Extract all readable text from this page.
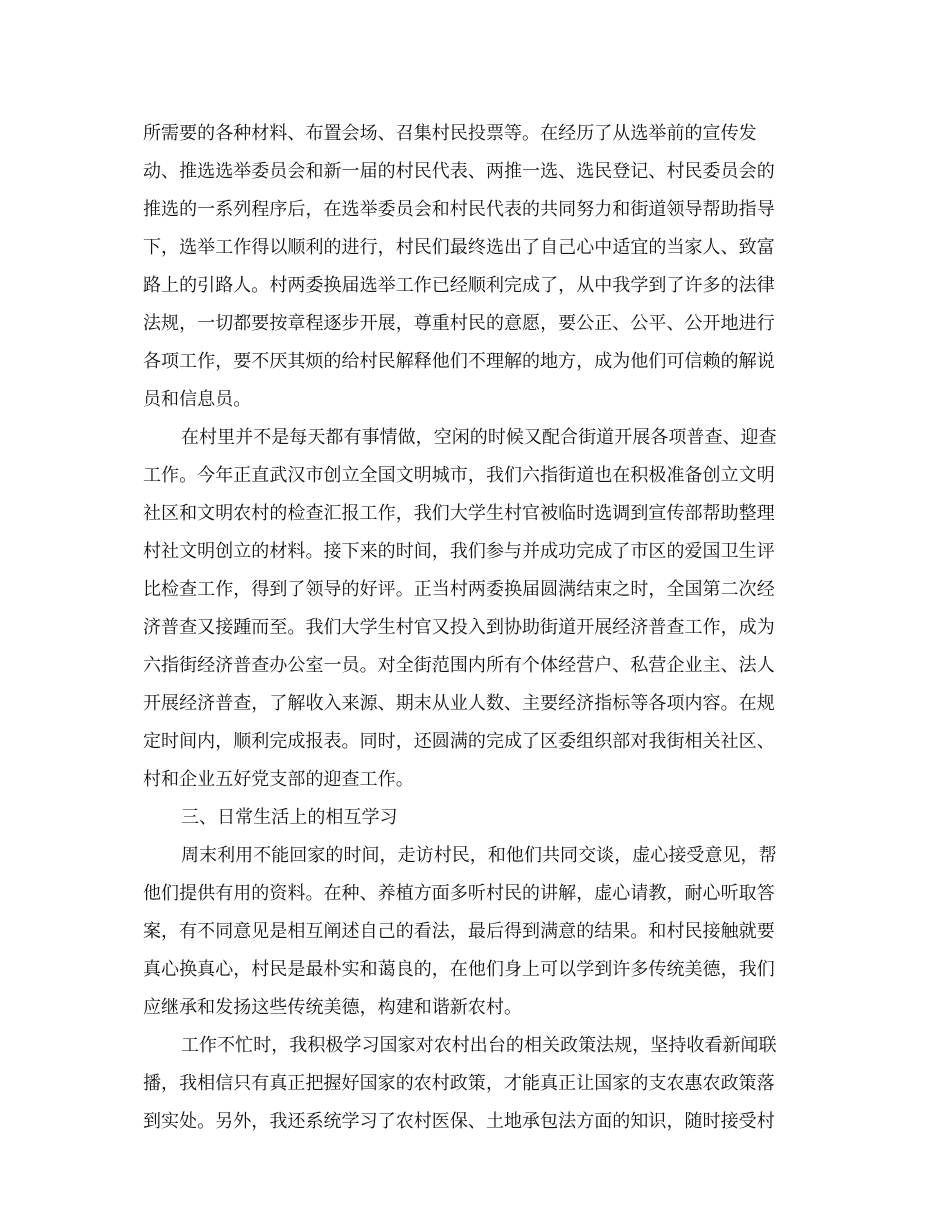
所需要的各种材料、布置会场、召集村民投票等。在经历了从选举前的宣传发
动、推选选举委员会和新一届的村民代表、两推一选、选民登记、村民委员会的
推选的一系列程序后，在选举委员会和村民代表的共同努力和街道领导帮助指导
下，选举工作得以顺利的进行，村民们最终选出了自己心中适宜的当家人、致富
路上的引路人。村两委换届选举工作已经顺利完成了，从中我学到了许多的法律
法规，一切都要按章程逐步开展，尊重村民的意愿，要公正、公平、公开地进行
各项工作，要不厌其烦的给村民解释他们不理解的地方，成为他们可信赖的解说
员和信息员。
在村里并不是每天都有事情做，空闲的时候又配合街道开展各项普查、迎查
工作。今年正直武汉市创立全国文明城市，我们六指街道也在积极准备创立文明
社区和文明农村的检查汇报工作，我们大学生村官被临时选调到宣传部帮助整理
村社文明创立的材料。接下来的时间，我们参与并成功完成了市区的爱国卫生评
比检查工作，得到了领导的好评。正当村两委换届圆满结束之时，全国第二次经
济普查又接踵而至。我们大学生村官又投入到协助街道开展经济普查工作，成为
六指街经济普查办公室一员。对全街范围内所有个体经营户、私营企业主、法人
开展经济普查，了解收入来源、期末从业人数、主要经济指标等各项内容。在规
定时间内，顺利完成报表。同时，还圆满的完成了区委组织部对我街相关社区、
村和企业五好党支部的迎查工作。
三、日常生活上的相互学习
周末利用不能回家的时间，走访村民，和他们共同交谈，虚心接受意见，帮
他们提供有用的资料。在种、养植方面多听村民的讲解，虚心请教，耐心听取答
案，有不同意见是相互阐述自己的看法，最后得到满意的结果。和村民接触就要
真心换真心，村民是最朴实和蔼良的，在他们身上可以学到许多传统美德，我们
应继承和发扬这些传统美德，构建和谐新农村。
工作不忙时，我积极学习国家对农村出台的相关政策法规，坚持收看新闻联
播，我相信只有真正把握好国家的农村政策，才能真正让国家的支农惠农政策落
到实处。另外，我还系统学习了农村医保、土地承包法方面的知识，随时接受村
